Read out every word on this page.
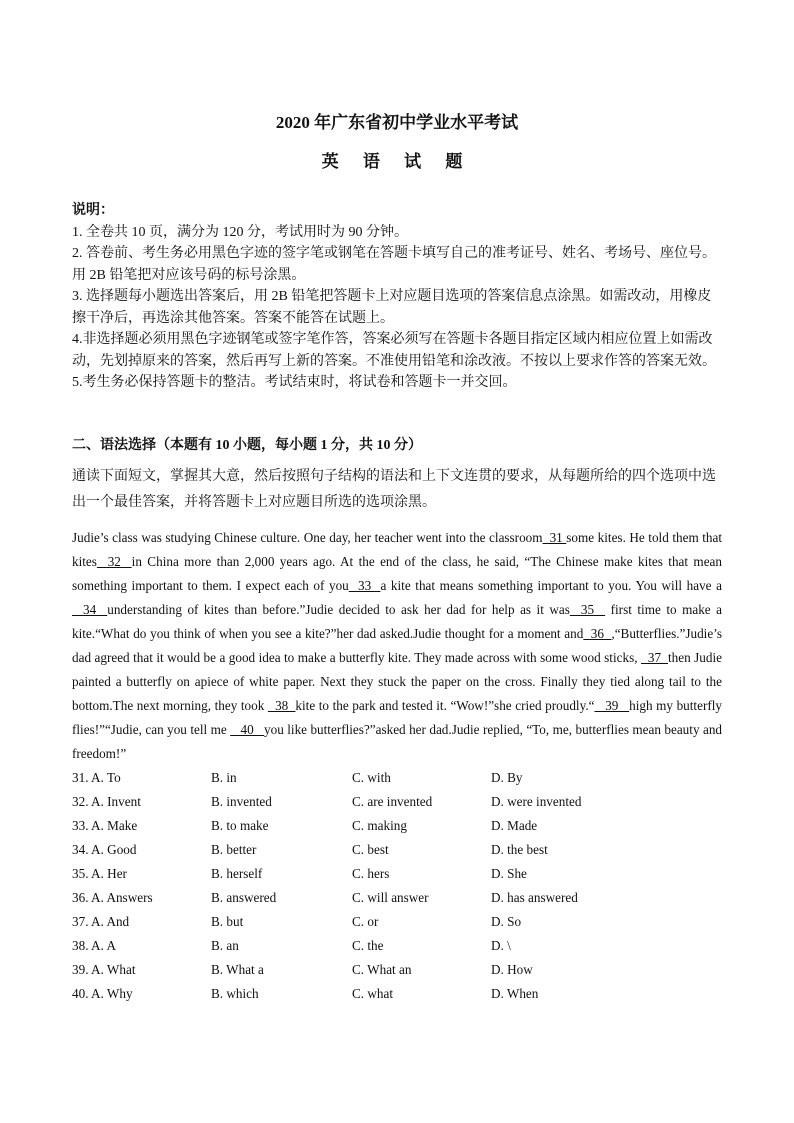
2020 年广东省初中学业水平考试
英 语 试 题
说明：
1. 全卷共 10 页，满分为 120 分，考试用时为 90 分钟。
2. 答卷前、考生务必用黑色字迹的签字笔或钢笔在答题卡填写自己的准考证号、姓名、考场号、座位号。用 2B 铅笔把对应该号码的标号涂黑。
3. 选择题每小题选出答案后，用 2B 铅笔把答题卡上对应题目选项的答案信息点涂黑。如需改动，用橡皮擦干净后，再选涂其他答案。答案不能答在试题上。
4.非选择题必须用黑色字迹钢笔或签字笔作答，答案必须写在答题卡各题目指定区域内相应位置上如需改动，先划掉原来的答案，然后再写上新的答案。不准使用铅笔和涂改液。不按以上要求作答的答案无效。
5.考生务必保持答题卡的整洁。考试结束时，将试卷和答题卡一并交回。
二、语法选择（本题有 10 小题，每小题 1 分，共 10 分）
通读下面短文，掌握其大意，然后按照句子结构的语法和上下文连贯的要求，从每题所给的四个选项中选出一个最佳答案，并将答题卡上对应题目所选的选项涂黑。
Judie’s class was studying Chinese culture. One day, her teacher went into the classroom  31 some kites. He told them that kites  32  in China more than 2,000 years ago. At the end of the class, he said, “The Chinese make kites that mean something important to them. I expect each of you  33  a kite that means something important to you. You will have a  34  understanding of kites than before.”Judie decided to ask her dad for help as it was  35   first time to make a kite.“What do you think of when you see a kite?”her dad asked.Judie thought for a moment and  36  ,“Butterflies.”Judie’s dad agreed that it would be a good idea to make a butterfly kite. They made across with some wood sticks,   37  then Judie painted a butterfly on apiece of white paper. Next they stuck the paper on the cross. Finally they tied along tail to the bottom.The next morning, they took   38  kite to the park and tested it. “Wow!”she cried proudly.“   39   high my butterfly flies!”“Judie, can you tell me    40   you like butterflies?”asked her dad.Judie replied, “To, me, butterflies mean beauty and freedom!”
31. A. To	B. in	C. with	D. By
32. A. Invent	B. invented	C. are invented	D. were invented
33. A. Make	B. to make	C. making	D. Made
34. A. Good	B. better	C. best	D. the best
35. A. Her	B. herself	C. hers	D. She
36. A. Answers	B. answered	C. will answer	D. has answered
37. A. And	B. but	C. or	D. So
38. A. A	B. an	C. the	D. \
39. A. What	B. What a	C. What an	D. How
40. A. Why	B. which	C. what	D. When
